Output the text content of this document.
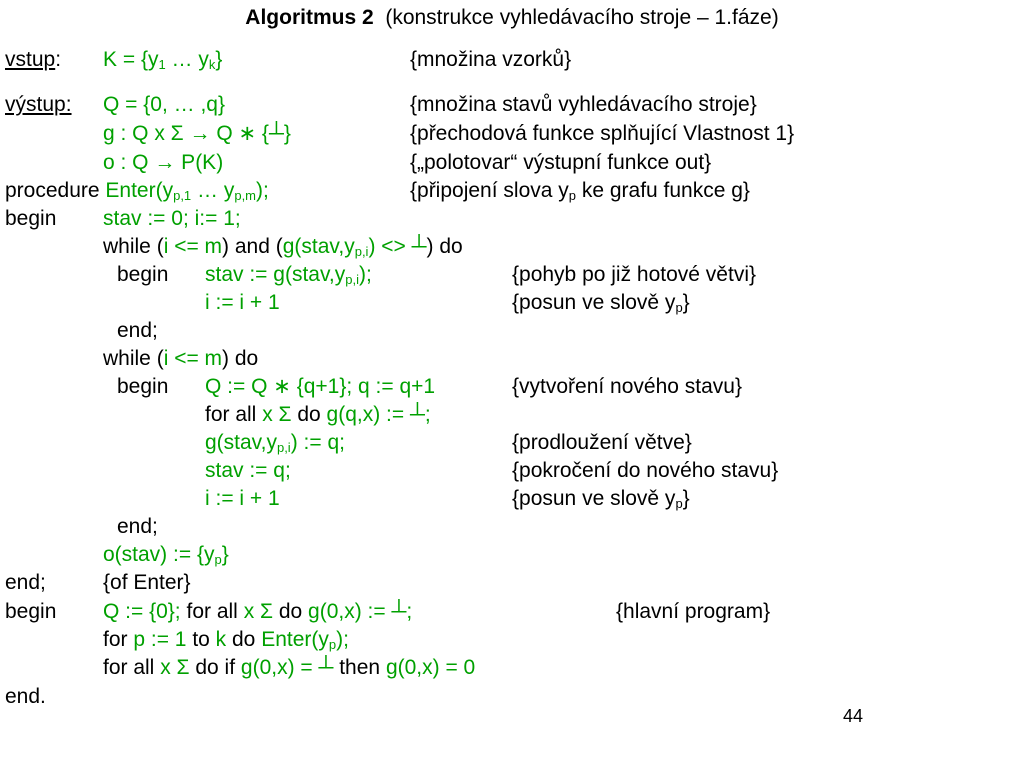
Algoritmus 2 (konstrukce vyhledávacího stroje – 1.fáze)
vstup: $K = \{y_1$ … $y_k$}	{množina vzorků}
výstup: Q = {0, … ,q}	{množina stavů vyhledávacího stroje}
g : Q x Σ → Q ∗ {┴}	{přechodová funkce splňující Vlastnost 1}
o : Q → P(K)	{„polotovar“ výstupní funkce out}
procedure $Enter(y_{p,1}$ … $y_{p,m}$);	{připojení slova $y_p$ ke grafu funkce g}
begin stav := 0; i:= 1;
while (i <= m) and ($g(stav,y_{p,i})$ <> ┴) do
begin stav := $g(stav,y_{p,i})$;	{pohyb po již hotové větvi}
i := i + 1	{posun ve slově $y_p$}
end;
while (i <= m) do
begin Q := Q ∗ {q+1}; q := q+1	{vytvoření nového stavu}
for all x Σ do g(q,x) := ┴;
$g(stav,y_{p,i})$ := q;	{prodloužení větve}
stav := q;	{pokročení do nového stavu}
i := i + 1	{posun ve slově $y_p$}
end;
o(stav) := $\{y_p\}$
end;	{of Enter}
begin Q := {0}; for all x Σ do g(0,x) := ┴;	{hlavní program}
for p := 1 to k do $Enter(y_p)$;
for all x Σ do if g(0,x) = ┴ then g(0,x) = 0
end.
44
